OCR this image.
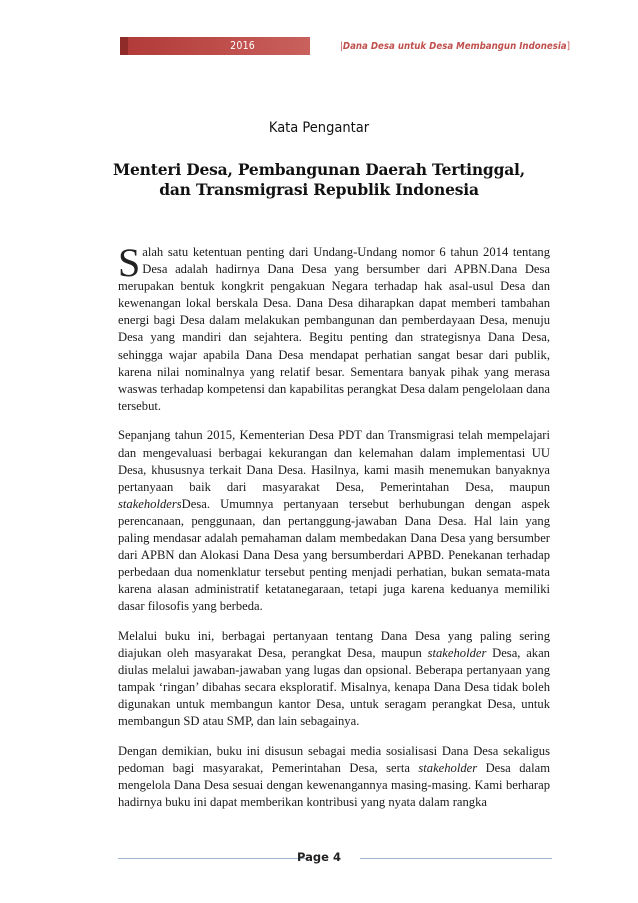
2016	|Dana Desa untuk Desa Membangun Indonesia]
Kata Pengantar
Menteri Desa, Pembangunan Daerah Tertinggal,
dan Transmigrasi Republik Indonesia

Salah satu ketentuan penting dari Undang-Undang nomor 6 tahun 2014 tentang Desa adalah hadirnya Dana Desa yang bersumber dari APBN.Dana Desa merupakan bentuk kongkrit pengakuan Negara terhadap hak asal-usul Desa dan kewenangan lokal berskala Desa. Dana Desa diharapkan dapat memberi tambahan energi bagi Desa dalam melakukan pembangunan dan pemberdayaan Desa, menuju Desa yang mandiri dan sejahtera. Begitu penting dan strategisnya Dana Desa, sehingga wajar apabila Dana Desa mendapat perhatian sangat besar dari publik, karena nilai nominalnya yang relatif besar. Sementara banyak pihak yang merasa waswas terhadap kompetensi dan kapabilitas perangkat Desa dalam pengelolaan dana tersebut.

Sepanjang tahun 2015, Kementerian Desa PDT dan Transmigrasi telah mempelajari dan mengevaluasi berbagai kekurangan dan kelemahan dalam implementasi UU Desa, khususnya terkait Dana Desa. Hasilnya, kami masih menemukan banyaknya pertanyaan baik dari masyarakat Desa, Pemerintahan Desa, maupun stakeholdersDesa. Umumnya pertanyaan tersebut berhubungan dengan aspek perencanaan, penggunaan, dan pertanggung-jawaban Dana Desa. Hal lain yang paling mendasar adalah pemahaman dalam membedakan Dana Desa yang bersumber dari APBN dan Alokasi Dana Desa yang bersumberdari APBD. Penekanan terhadap perbedaan dua nomenklatur tersebut penting menjadi perhatian, bukan semata-mata karena alasan administratif ketatanegaraan, tetapi juga karena keduanya memiliki dasar filosofis yang berbeda.

Melalui buku ini, berbagai pertanyaan tentang Dana Desa yang paling sering diajukan oleh masyarakat Desa, perangkat Desa, maupun stakeholder Desa, akan diulas melalui jawaban-jawaban yang lugas dan opsional. Beberapa pertanyaan yang tampak ‘ringan’ dibahas secara eksploratif. Misalnya, kenapa Dana Desa tidak boleh digunakan untuk membangun kantor Desa, untuk seragam perangkat Desa, untuk membangun SD atau SMP, dan lain sebagainya.

Dengan demikian, buku ini disusun sebagai media sosialisasi Dana Desa sekaligus pedoman bagi masyarakat, Pemerintahan Desa, serta stakeholder Desa dalam mengelola Dana Desa sesuai dengan kewenangannya masing-masing. Kami berharap hadirnya buku ini dapat memberikan kontribusi yang nyata dalam rangka

Page 4
